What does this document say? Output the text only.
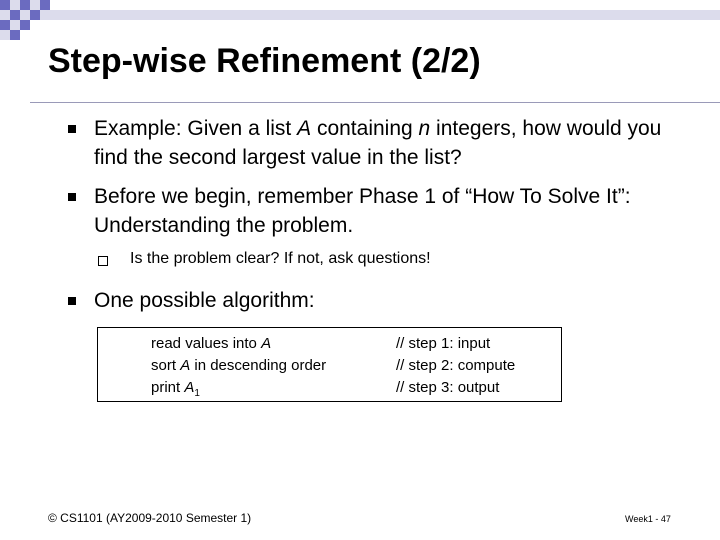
Step-wise Refinement (2/2)
Example: Given a list A containing n integers, how would you find the second largest value in the list?
Before we begin, remember Phase 1 of “How To Solve It”: Understanding the problem.
Is the problem clear? If not, ask questions!
One possible algorithm:
read values into A
sort A in descending order
print $A_1$
// step 1: input
// step 2: compute
// step 3: output
© CS1101 (AY2009-2010 Semester 1)	Week1 - 47
